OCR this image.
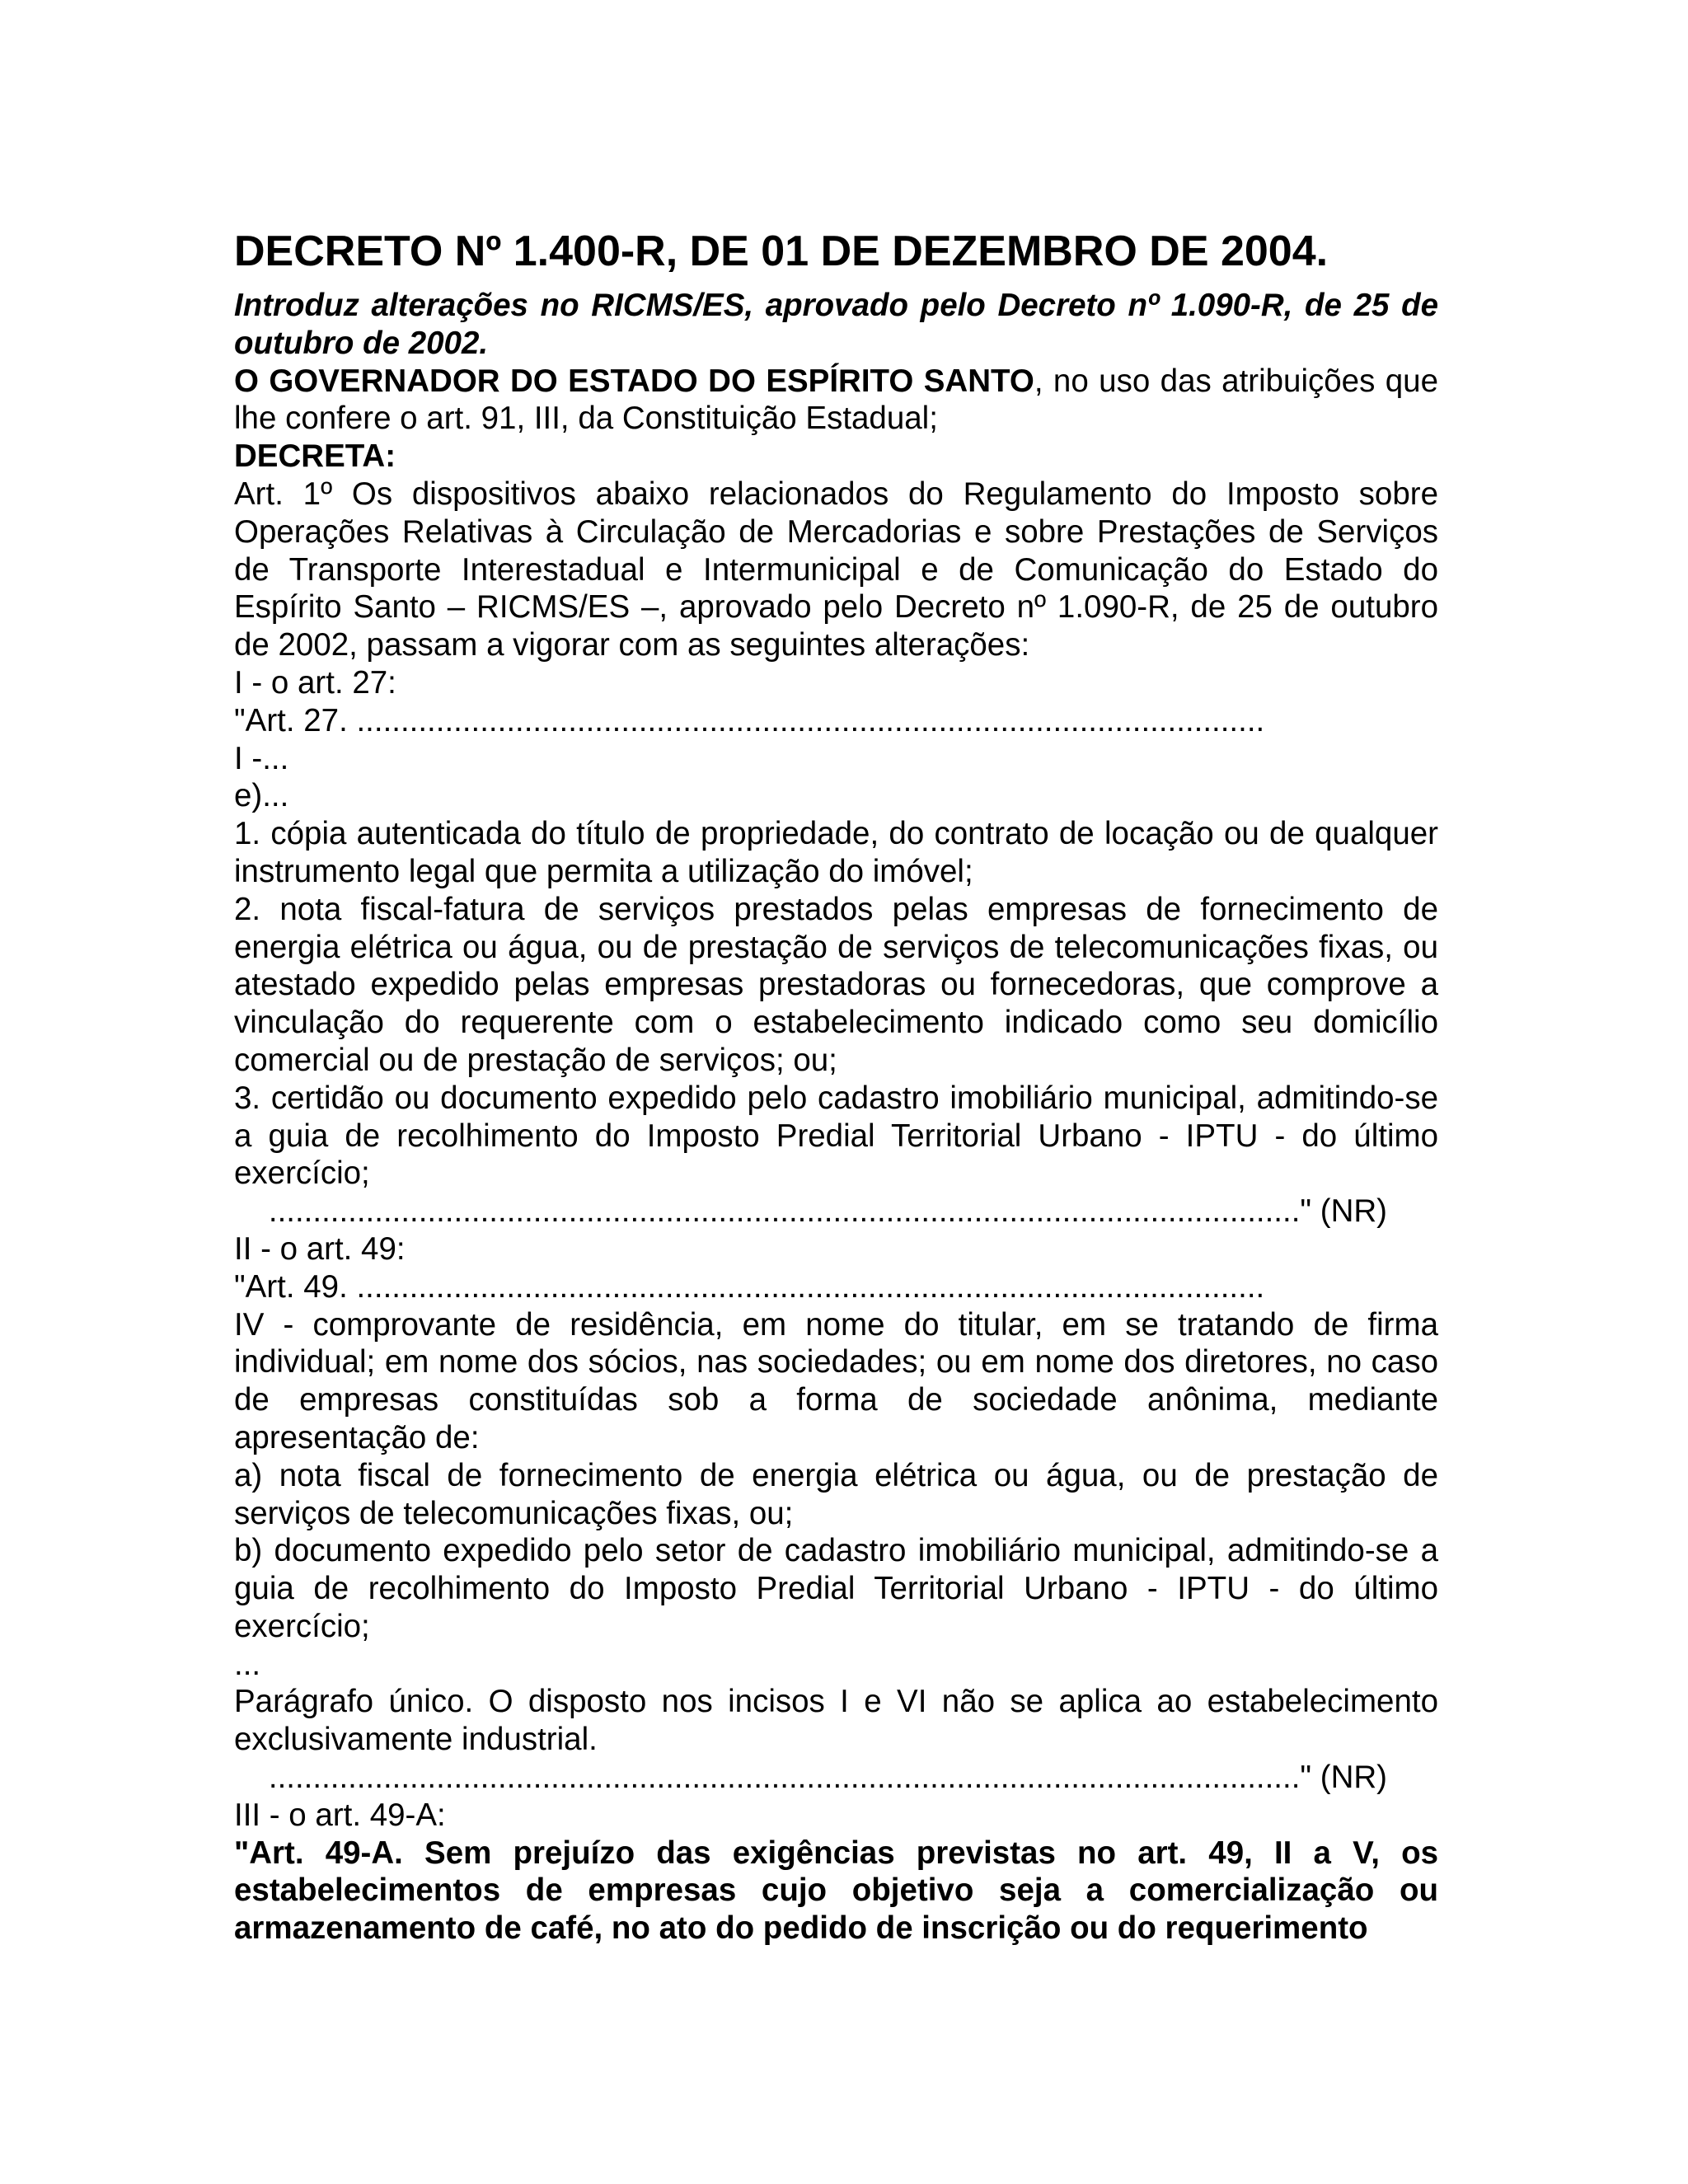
DECRETO Nº 1.400-R, DE 01 DE DEZEMBRO DE 2004.

Introduz alterações no RICMS/ES, aprovado pelo Decreto nº 1.090-R, de 25 de outubro de 2002.

O GOVERNADOR DO ESTADO DO ESPÍRITO SANTO, no uso das atribuições que lhe confere o art. 91, III, da Constituição Estadual;

DECRETA:

Art. 1º Os dispositivos abaixo relacionados do Regulamento do Imposto sobre Operações Relativas à Circulação de Mercadorias e sobre Prestações de Serviços de Transporte Interestadual e Intermunicipal e de Comunicação do Estado do Espírito Santo – RICMS/ES –, aprovado pelo Decreto nº 1.090-R, de 25 de outubro de 2002, passam a vigorar com as seguintes alterações:

I - o art. 27:

"Art. 27. .......................................................................................................

I -...

e)...

1. cópia autenticada do título de propriedade, do contrato de locação ou de qualquer instrumento legal que permita a utilização do imóvel;

2. nota fiscal-fatura de serviços prestados pelas empresas de fornecimento de energia elétrica ou água, ou de prestação de serviços de telecomunicações fixas, ou atestado expedido pelas empresas prestadoras ou fornecedoras, que comprove a vinculação do requerente com o estabelecimento indicado como seu domicílio comercial ou de prestação de serviços; ou;

3. certidão ou documento expedido pelo cadastro imobiliário municipal, admitindo-se a guia de recolhimento do Imposto Predial Territorial Urbano - IPTU - do último exercício;

....................................................................................................................." (NR)

II - o art. 49:

"Art. 49. .......................................................................................................

IV - comprovante de residência, em nome do titular, em se tratando de firma individual; em nome dos sócios, nas sociedades; ou em nome dos diretores, no caso de empresas constituídas sob a forma de sociedade anônima, mediante apresentação de:

a) nota fiscal de fornecimento de energia elétrica ou água, ou de prestação de serviços de telecomunicações fixas, ou;

b) documento expedido pelo setor de cadastro imobiliário municipal, admitindo-se a guia de recolhimento do Imposto Predial Territorial Urbano - IPTU - do último exercício;

...

Parágrafo único. O disposto nos incisos I e VI não se aplica ao estabelecimento exclusivamente industrial.

....................................................................................................................." (NR)

III - o art. 49-A:

"Art. 49-A. Sem prejuízo das exigências previstas no art. 49, II a V, os estabelecimentos de empresas cujo objetivo seja a comercialização ou armazenamento de café, no ato do pedido de inscrição ou do requerimento
